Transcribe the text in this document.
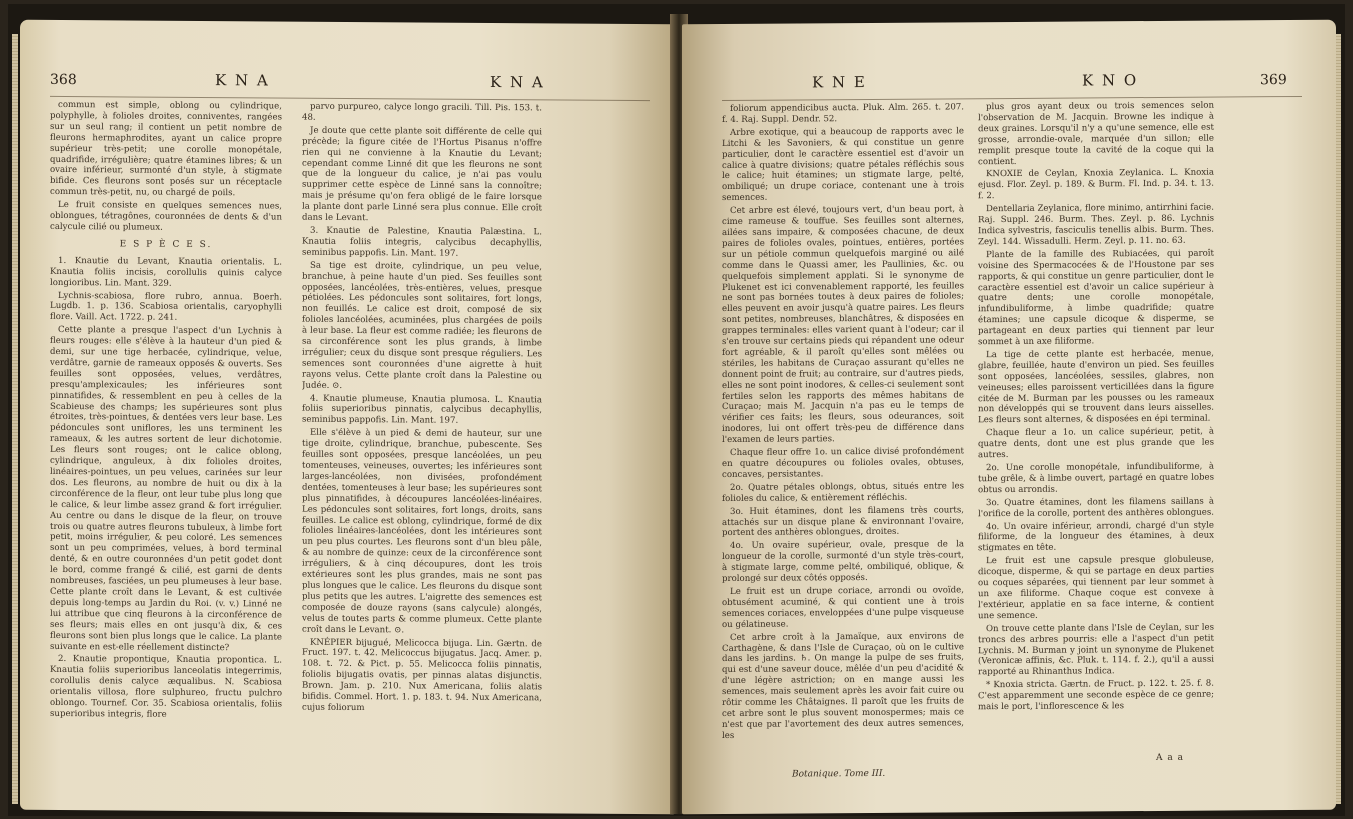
368	K N A	K N A

commun est simple, oblong ou cylindrique, polyphylle, à folioles droites, conniventes, rangées sur un seul rang; il contient un petit nombre de fleurons hermaphrodites, ayant un calice propre supérieur très-petit; une corolle monopétale, quadrifide, irrégulière; quatre étamines libres; & un ovaire inférieur, surmonté d'un style, à stigmate bifide. Ces fleurons sont posés sur un réceptacle commun très-petit, nu, ou chargé de poils.

Le fruit consiste en quelques semences nues, oblongues, tétragônes, couronnées de dents & d'un calycule cilié ou plumeux.

E S P È C E S.

1. Knautie du Levant, Knautia orientalis. L. Knautia foliis incisis, corollulis quinis calyce longioribus. Lin. Mant. 329.

Lychnis-scabiosa, flore rubro, annua. Boerh. Lugdb. 1. p. 136. Scabiosa orientalis, caryophylli flore. Vaill. Act. 1722. p. 241.

Cette plante a presque l'aspect d'un Lychnis à fleurs rouges: elle s'élève à la hauteur d'un pied & demi, sur une tige herbacée, cylindrique, velue, verdâtre, garnie de rameaux opposés & ouverts. Ses feuilles sont opposées, velues, verdâtres, presqu'amplexicaules; les inférieures sont pinnatifides, & ressemblent en peu à celles de la Scabieuse des champs; les supérieures sont plus étroites, très-pointues, & dentées vers leur base. Les pédoncules sont uniflores, les uns terminent les rameaux, & les autres sortent de leur dichotomie. Les fleurs sont rouges; ont le calice oblong, cylindrique, anguleux, à dix folioles droites, linéaires-pointues, un peu velues, carinées sur leur dos. Les fleurons, au nombre de huit ou dix à la circonférence de la fleur, ont leur tube plus long que le calice, & leur limbe assez grand & fort irrégulier. Au centre ou dans le disque de la fleur, on trouve trois ou quatre autres fleurons tubuleux, à limbe fort petit, moins irrégulier, & peu coloré. Les semences sont un peu comprimées, velues, à bord terminal denté, & en outre couronnées d'un petit godet dont le bord, comme frangé & cilié, est garni de dents nombreuses, fasciées, un peu plumeuses à leur base. Cette plante croît dans le Levant, & est cultivée depuis long-temps au Jardin du Roi. (v. v.) Linné ne lui attribue que cinq fleurons à la circonférence de ses fleurs; mais elles en ont jusqu'à dix, & ces fleurons sont bien plus longs que le calice. La plante suivante en est-elle réellement distincte?

2. Knautie propontique, Knautia propontica. L. Knautia foliis superioribus lanceolatis integerrimis, corollulis denis calyce æqualibus. N. Scabiosa orientalis villosa, flore sulphureo, fructu pulchro oblongo. Tournef. Cor. 35. Scabiosa orientalis, foliis superioribus integris, flore

parvo purpureo, calyce longo gracili. Till. Pis. 153. t. 48.

Je doute que cette plante soit différente de celle qui précède; la figure citée de l'Hortus Pisanus n'offre rien qui ne convienne à la Knautie du Levant; cependant comme Linné dit que les fleurons ne sont que de la longueur du calice, je n'ai pas voulu supprimer cette espèce de Linné sans la connoître; mais je présume qu'on fera obligé de le faire lorsque la plante dont parle Linné sera plus connue. Elle croît dans le Levant.

3. Knautie de Palestine, Knautia Palæstina. L. Knautia foliis integris, calycibus decaphyllis, seminibus pappofis. Lin. Mant. 197.

Sa tige est droite, cylindrique, un peu velue, branchue, à peine haute d'un pied. Ses feuilles sont opposées, lancéolées, très-entières, velues, presque pétiolées. Les pédoncules sont solitaires, fort longs, non feuillés. Le calice est droit, composé de six folioles lancéolées, acuminées, plus chargées de poils à leur base. La fleur est comme radiée; les fleurons de sa circonférence sont les plus grands, à limbe irrégulier; ceux du disque sont presque réguliers. Les semences sont couronnées d'une aigrette à huit rayons velus. Cette plante croît dans la Palestine ou Judée. ⊙.

4. Knautie plumeuse, Knautia plumosa. L. Knautia foliis superioribus pinnatis, calycibus decaphyllis, seminibus pappofis. Lin. Mant. 197.

Elle s'élève à un pied & demi de hauteur, sur une tige droite, cylindrique, branchue, pubescente. Ses feuilles sont opposées, presque lancéolées, un peu tomenteuses, veineuses, ouvertes; les inférieures sont larges-lancéolées, non divisées, profondément dentées, tomenteuses à leur base; les supérieures sont plus pinnatifides, à découpures lancéolées-linéaires. Les pédoncules sont solitaires, fort longs, droits, sans feuilles. Le calice est oblong, cylindrique, formé de dix folioles linéaires-lancéolées, dont les intérieures sont un peu plus courtes. Les fleurons sont d'un bleu pâle, & au nombre de quinze: ceux de la circonférence sont irréguliers, & à cinq découpures, dont les trois extérieures sont les plus grandes, mais ne sont pas plus longues que le calice. Les fleurons du disque sont plus petits que les autres. L'aigrette des semences est composée de douze rayons (sans calycule) alongés, velus de toutes parts & comme plumeux. Cette plante croît dans le Levant. ⊙.

KNÉPIER bijugué, Melicocca bijuga. Lin. Gærtn. de Fruct. 197. t. 42. Melicoccus bijugatus. Jacq. Amer. p. 108. t. 72. & Pict. p. 55. Melicocca foliis pinnatis, foliolis bijugatis ovatis, per pinnas alatas disjunctis. Brown. Jam. p. 210. Nux Americana, foliis alatis bifidis. Commel. Hort. 1. p. 183. t. 94. Nux Americana, cujus foliorum

K N E	K N O	369

foliorum appendicibus aucta. Pluk. Alm. 265. t. 207. f. 4. Raj. Suppl. Dendr. 52.

Arbre exotique, qui a beaucoup de rapports avec le Litchi & les Savoniers, & qui constitue un genre particulier, dont le caractère essentiel est d'avoir un calice à quatre divisions; quatre pétales réfléchis sous le calice; huit étamines; un stigmate large, pelté, ombiliqué; un drupe coriace, contenant une à trois semences.

Cet arbre est élevé, toujours vert, d'un beau port, à cime rameuse & touffue. Ses feuilles sont alternes, ailées sans impaire, & composées chacune, de deux paires de folioles ovales, pointues, entières, portées sur un pétiole commun quelquefois marginé ou ailé comme dans le Quassi amer, les Paullinies, &c. ou quelquefois simplement applati. Si le synonyme de Plukenet est ici convenablement rapporté, les feuilles ne sont pas bornées toutes à deux paires de folioles; elles peuvent en avoir jusqu'à quatre paires. Les fleurs sont petites, nombreuses, blanchâtres, & disposées en grappes terminales: elles varient quant à l'odeur; car il s'en trouve sur certains pieds qui répandent une odeur fort agréable, & il paroît qu'elles sont mêlées ou stériles, les habitans de Curaçao assurant qu'elles ne donnent point de fruit; au contraire, sur d'autres pieds, elles ne sont point inodores, & celles-ci seulement sont fertiles selon les rapports des mêmes habitans de Curaçao; mais M. Jacquin n'a pas eu le temps de vérifier ces faits; les fleurs, sous odeurances, soit inodores, lui ont offert très-peu de différence dans l'examen de leurs parties.

Chaque fleur offre 1o. un calice divisé profondément en quatre découpures ou folioles ovales, obtuses, concaves, persistantes.

2o. Quatre pétales oblongs, obtus, situés entre les folioles du calice, & entièrement réfléchis.

3o. Huit étamines, dont les filamens très courts, attachés sur un disque plane & environnant l'ovaire, portent des anthères oblongues, droites.

4o. Un ovaire supérieur, ovale, presque de la longueur de la corolle, surmonté d'un style très-court, à stigmate large, comme pelté, ombiliqué, oblique, & prolongé sur deux côtés opposés.

Le fruit est un drupe coriace, arrondi ou ovoïde, obtusément acuminé, & qui contient une à trois semences coriaces, enveloppées d'une pulpe visqueuse ou gélatineuse.

Cet arbre croît à la Jamaïque, aux environs de Carthagène, & dans l'Isle de Curaçao, où on le cultive dans les jardins. ♄. On mange la pulpe de ses fruits, qui est d'une saveur douce, mêlée d'un peu d'acidité & d'une légère astriction; on en mange aussi les semences, mais seulement après les avoir fait cuire ou rôtir comme les Châtaignes. Il paroît que les fruits de cet arbre sont le plus souvent monospermes; mais ce n'est que par l'avortement des deux autres semences, les

Botanique. Tome III.

plus gros ayant deux ou trois semences selon l'observation de M. Jacquin. Browne les indique à deux graines. Lorsqu'il n'y a qu'une semence, elle est grosse, arrondie-ovale, marquée d'un sillon; elle remplit presque toute la cavité de la coque qui la contient.

KNOXIE de Ceylan, Knoxia Zeylanica. L. Knoxia ejusd. Flor. Zeyl. p. 189. & Burm. Fl. Ind. p. 34. t. 13. f. 2.

Dentellaria Zeylanica, flore minimo, antirrhini facie. Raj. Suppl. 246. Burm. Thes. Zeyl. p. 86. Lychnis Indica sylvestris, fasciculis tenellis albis. Burm. Thes. Zeyl. 144. Wissadulli. Herm. Zeyl. p. 11. no. 63.

Plante de la famille des Rubiacées, qui paroît voisine des Spermacocées & de l'Houstone par ses rapports, & qui constitue un genre particulier, dont le caractère essentiel est d'avoir un calice supérieur à quatre dents; une corolle monopétale, infundibuliforme, à limbe quadrifide; quatre étamines; une capsule dicoque & disperme, se partageant en deux parties qui tiennent par leur sommet à un axe filiforme.

La tige de cette plante est herbacée, menue, glabre, feuillée, haute d'environ un pied. Ses feuilles sont opposées, lancéolées, sessiles, glabres, non veineuses; elles paroissent verticillées dans la figure citée de M. Burman par les pousses ou les rameaux non développés qui se trouvent dans leurs aisselles. Les fleurs sont alternes, & disposées en épi terminal.

Chaque fleur a 1o. un calice supérieur, petit, à quatre dents, dont une est plus grande que les autres.

2o. Une corolle monopétale, infundibuliforme, à tube grêle, & à limbe ouvert, partagé en quatre lobes obtus ou arrondis.

3o. Quatre étamines, dont les filamens saillans à l'orifice de la corolle, portent des anthères oblongues.

4o. Un ovaire inférieur, arrondi, chargé d'un style filiforme, de la longueur des étamines, à deux stigmates en tête.

Le fruit est une capsule presque globuleuse, dicoque, disperme, & qui se partage en deux parties ou coques séparées, qui tiennent par leur sommet à un axe filiforme. Chaque coque est convexe à l'extérieur, applatie en sa face interne, & contient une semence.

On trouve cette plante dans l'Isle de Ceylan, sur les troncs des arbres pourris: elle a l'aspect d'un petit Lychnis. M. Burman y joint un synonyme de Plukenet (Veronicæ affinis, &c. Pluk. t. 114. f. 2.), qu'il a aussi rapporté au Rhinanthus Indica.

* Knoxia stricta. Gærtn. de Fruct. p. 122. t. 25. f. 8. C'est apparemment une seconde espèce de ce genre; mais le port, l'inflorescence & les

A a a
